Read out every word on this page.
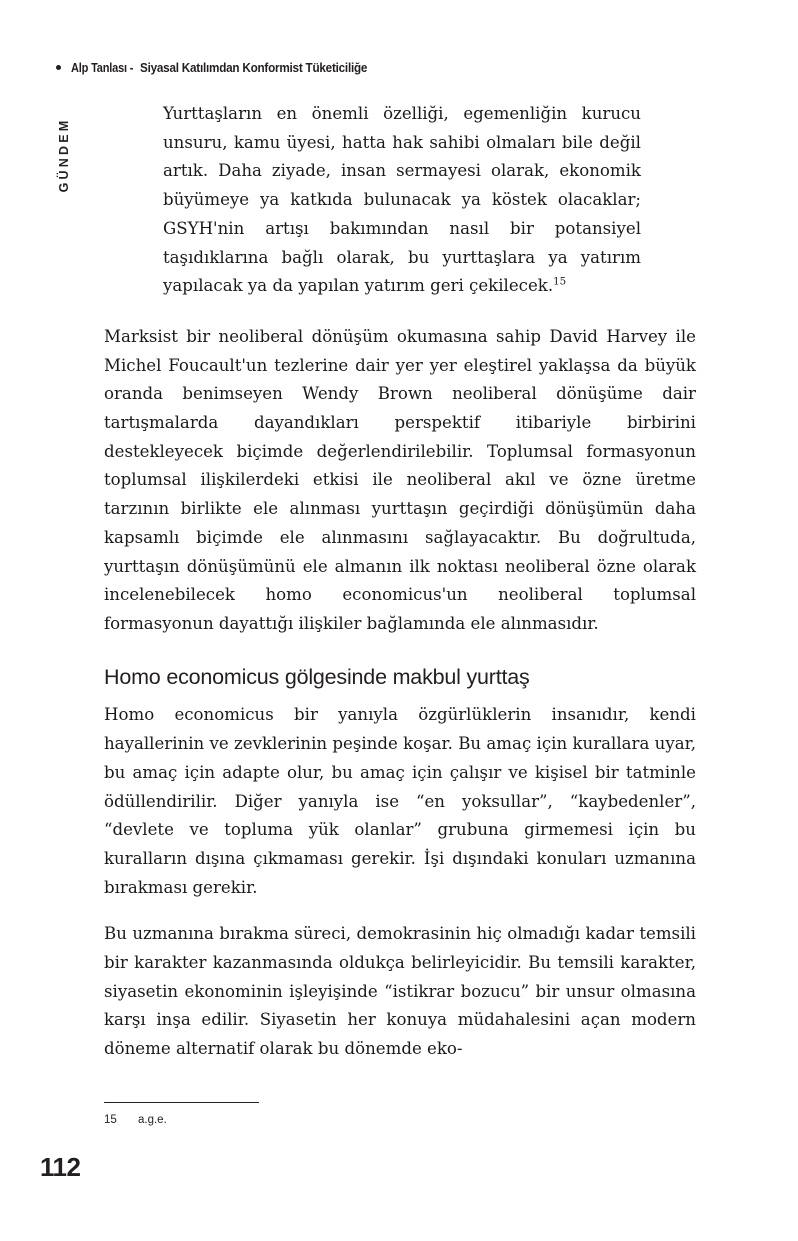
Alp Tanlası - Siyasal Katılımdan Konformist Tüketiciliğe
GÜNDEM
Yurttaşların en önemli özelliği, egemenliğin kurucu unsuru, kamu üyesi, hatta hak sahibi olmaları bile değil artık. Daha ziyade, insan sermayesi olarak, ekonomik büyümeye ya katkıda bulunacak ya köstek olacaklar; GSYH'nin artışı bakımından nasıl bir potansiyel taşıdıklarına bağlı olarak, bu yurttaşlara ya yatırım yapılacak ya da yapılan yatırım geri çekilecek.$^{15}$

Marksist bir neoliberal dönüşüm okumasına sahip David Harvey ile Michel Foucault'un tezlerine dair yer yer eleştirel yaklaşsa da büyük oranda benimseyen Wendy Brown neoliberal dönüşüme dair tartışmalarda dayandıkları perspektif itibariyle birbirini destekleyecek biçimde değerlendirilebilir. Toplumsal formasyonun toplumsal ilişkilerdeki etkisi ile neoliberal akıl ve özne üretme tarzının birlikte ele alınması yurttaşın geçirdiği dönüşümün daha kapsamlı biçimde ele alınmasını sağlayacaktır. Bu doğrultuda, yurttaşın dönüşümünü ele almanın ilk noktası neoliberal özne olarak incelenebilecek homo economicus'un neoliberal toplumsal formasyonun dayattığı ilişkiler bağlamında ele alınmasıdır.

Homo economicus gölgesinde makbul yurttaş

Homo economicus bir yanıyla özgürlüklerin insanıdır, kendi hayallerinin ve zevklerinin peşinde koşar. Bu amaç için kurallara uyar, bu amaç için adapte olur, bu amaç için çalışır ve kişisel bir tatminle ödüllendirilir. Diğer yanıyla ise “en yoksullar”, “kaybedenler”, “devlete ve topluma yük olanlar” grubuna girmemesi için bu kuralların dışına çıkmaması gerekir. İşi dışındaki konuları uzmanına bırakması gerekir.

Bu uzmanına bırakma süreci, demokrasinin hiç olmadığı kadar temsili bir karakter kazanmasında oldukça belirleyicidir. Bu temsili karakter, siyasetin ekonominin işleyişinde “istikrar bozucu” bir unsur olmasına karşı inşa edilir. Siyasetin her konuya müdahalesini açan modern döneme alternatif olarak bu dönemde eko-

15	a.g.e.
112
